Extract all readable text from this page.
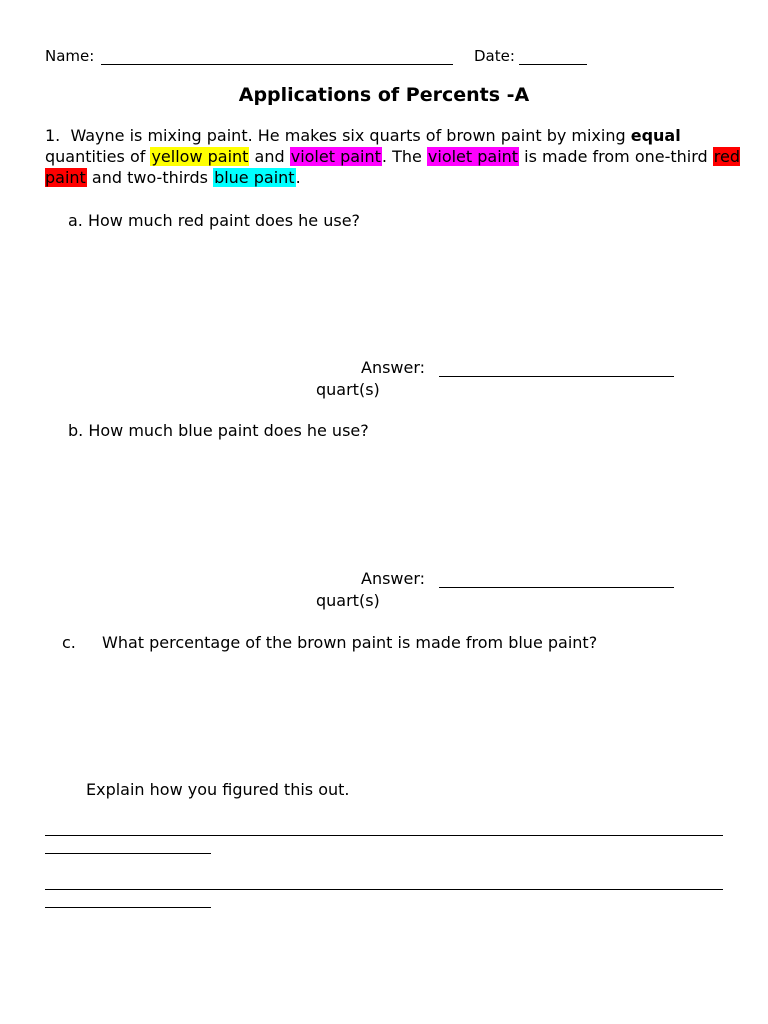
Name:	Date:
Applications of Percents -A
1. Wayne is mixing paint. He makes six quarts of brown paint by mixing equal quantities of yellow paint and violet paint. The violet paint is made from one-third red paint and two-thirds blue paint.
a. How much red paint does he use?
Answer:
quart(s)
b. How much blue paint does he use?
Answer:
quart(s)
c. What percentage of the brown paint is made from blue paint?
Explain how you figured this out.
